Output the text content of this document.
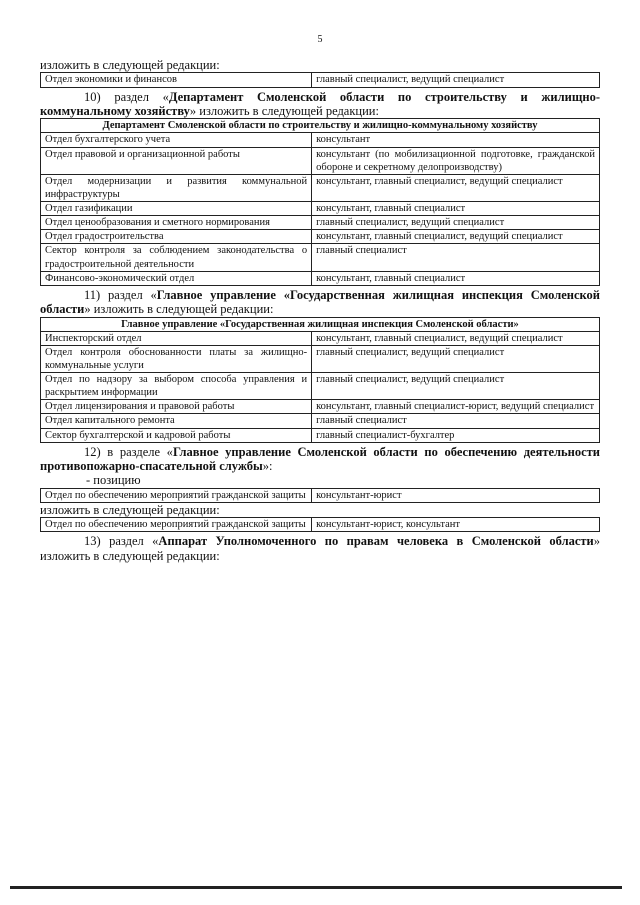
5

изложить в следующей редакции:

Отдел экономики и финансов	главный специалист, ведущий специалист

10) раздел «Департамент Смоленской области по строительству и жилищно-коммунальному хозяйству» изложить в следующей редакции:

Департамент Смоленской области по строительству и жилищно-коммунальному хозяйству	
Отдел бухгалтерского учета	консультант
Отдел правовой и организационной работы	консультант (по мобилизационной подготовке, гражданской обороне и секретному делопроизводству)
Отдел модернизации и развития коммунальной инфраструктуры	консультант, главный специалист, ведущий специалист
Отдел газификации	консультант, главный специалист
Отдел ценообразования и сметного нормирования	главный специалист, ведущий специалист
Отдел градостроительства	консультант, главный специалист, ведущий специалист
Сектор контроля за соблюдением законодательства о градостроительной деятельности	главный специалист
Финансово-экономический отдел	консультант, главный специалист

11) раздел «Главное управление «Государственная жилищная инспекция Смоленской области» изложить в следующей редакции:

Главное управление «Государственная жилищная инспекция Смоленской области»	
Инспекторский отдел	консультант, главный специалист, ведущий специалист
Отдел контроля обоснованности платы за жилищно-коммунальные услуги	главный специалист, ведущий специалист
Отдел по надзору за выбором способа управления и раскрытием информации	главный специалист, ведущий специалист
Отдел лицензирования и правовой работы	консультант, главный специалист-юрист, ведущий специалист
Отдел капитального ремонта	главный специалист
Сектор бухгалтерской и кадровой работы	главный специалист-бухгалтер

12) в разделе «Главное управление Смоленской области по обеспечению деятельности противопожарно-спасательной службы»:

- позицию

Отдел по обеспечению мероприятий гражданской защиты	консультант-юрист

изложить в следующей редакции:

Отдел по обеспечению мероприятий гражданской защиты	консультант-юрист, консультант

13) раздел «Аппарат Уполномоченного по правам человека в Смоленской области» изложить в следующей редакции:
